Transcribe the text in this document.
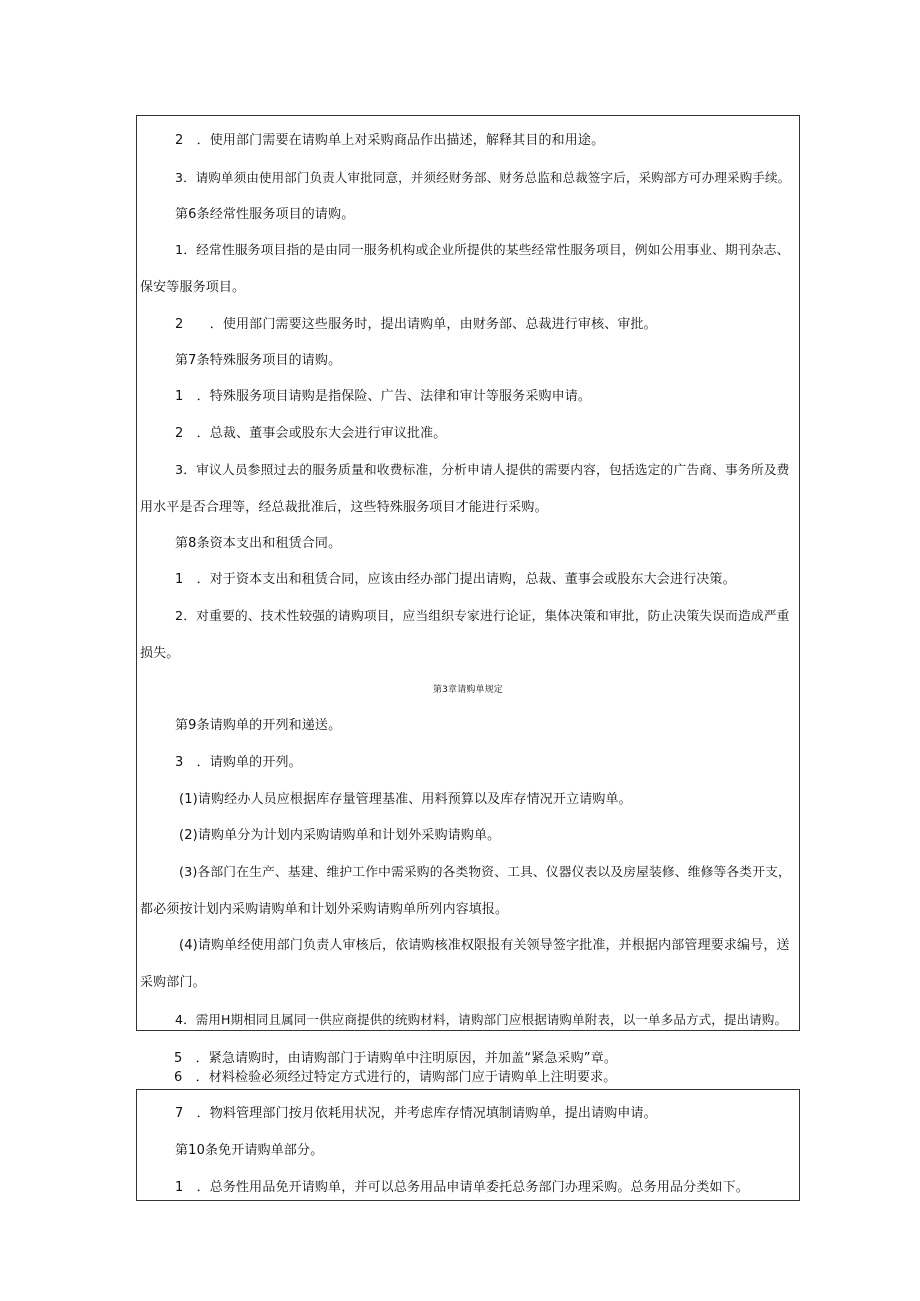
2　．使用部门需要在请购单上对采购商品作出描述，解释其目的和用途。
3．请购单须由使用部门负责人审批同意，并须经财务部、财务总监和总裁签字后，采购部方可办理采购手续。
第6条经常性服务项目的请购。
1．经常性服务项目指的是由同一服务机构或企业所提供的某些经常性服务项目，例如公用事业、期刊杂志、
保安等服务项目。
2　　．使用部门需要这些服务时，提出请购单，由财务部、总裁进行审核、审批。
第7条特殊服务项目的请购。
1　．特殊服务项目请购是指保险、广告、法律和审计等服务采购申请。
2　．总裁、董事会或股东大会进行审议批准。
3．审议人员参照过去的服务质量和收费标准，分析申请人提供的需要内容，包括选定的广告商、事务所及费
用水平是否合理等，经总裁批准后，这些特殊服务项目才能进行采购。
第8条资本支出和租赁合同。
1　．对于资本支出和租赁合同，应该由经办部门提出请购，总裁、董事会或股东大会进行决策。
2．对重要的、技术性较强的请购项目，应当组织专家进行论证，集体决策和审批，防止决策失误而造成严重
损失。
第3章请购单规定
第9条请购单的开列和递送。
3　．请购单的开列。
(1)请购经办人员应根据库存量管理基准、用料预算以及库存情况开立请购单。
(2)请购单分为计划内采购请购单和计划外采购请购单。
(3)各部门在生产、基建、维护工作中需采购的各类物资、工具、仪器仪表以及房屋装修、维修等各类开支，
都必须按计划内采购请购单和计划外采购请购单所列内容填报。
(4)请购单经使用部门负责人审核后，依请购核准权限报有关领导签字批准，并根据内部管理要求编号，送
采购部门。
4．需用H期相同且属同一供应商提供的统购材料，请购部门应根据请购单附表，以一单多品方式，提出请购。
5　．紧急请购时，由请购部门于请购单中注明原因，并加盖“紧急采购”章。
6　．材料检验必须经过特定方式进行的，请购部门应于请购单上注明要求。
7　．物料管理部门按月依耗用状况，并考虑库存情况填制请购单，提出请购申请。
第10条免开请购单部分。
1　．总务性用品免开请购单，并可以总务用品申请单委托总务部门办理采购。总务用品分类如下。
